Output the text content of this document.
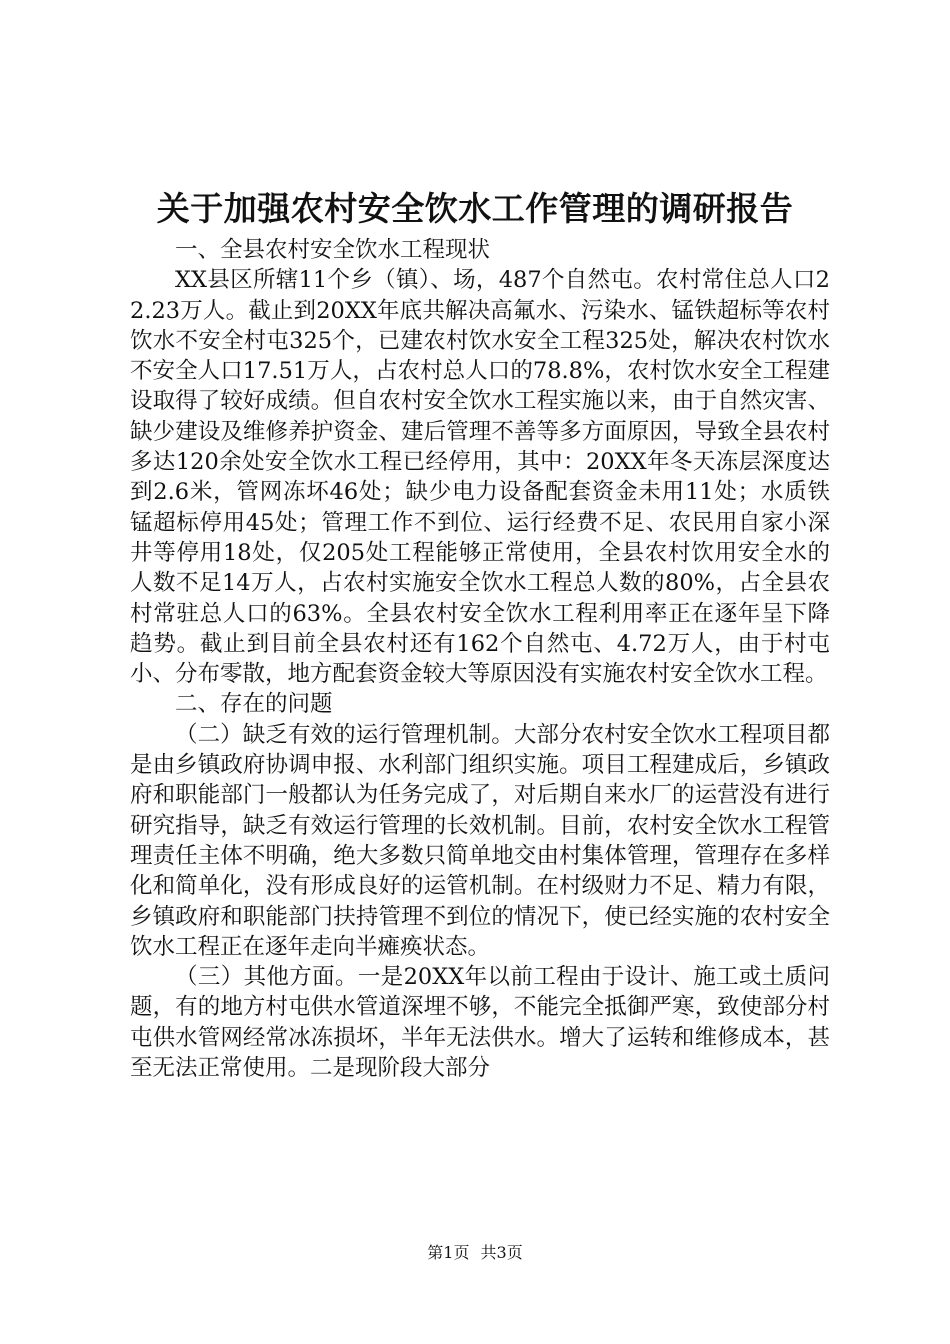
关于加强农村安全饮水工作管理的调研报告

一、全县农村安全饮水工程现状

XX县区所辖11个乡（镇）、场，487个自然屯。农村常住总人口22.23万人。截止到20XX年底共解决高氟水、污染水、锰铁超标等农村饮水不安全村屯325个，已建农村饮水安全工程325处，解决农村饮水不安全人口17.51万人，占农村总人口的78.8%，农村饮水安全工程建设取得了较好成绩。但自农村安全饮水工程实施以来，由于自然灾害、缺少建设及维修养护资金、建后管理不善等多方面原因，导致全县农村多达120余处安全饮水工程已经停用，其中：20XX年冬天冻层深度达到2.6米，管网冻坏46处；缺少电力设备配套资金未用11处；水质铁锰超标停用45处；管理工作不到位、运行经费不足、农民用自家小深井等停用18处，仅205处工程能够正常使用，全县农村饮用安全水的人数不足14万人，占农村实施安全饮水工程总人数的80%，占全县农村常驻总人口的63%。全县农村安全饮水工程利用率正在逐年呈下降趋势。截止到目前全县农村还有162个自然屯、4.72万人，由于村屯小、分布零散，地方配套资金较大等原因没有实施农村安全饮水工程。

二、存在的问题

（二）缺乏有效的运行管理机制。大部分农村安全饮水工程项目都是由乡镇政府协调申报、水利部门组织实施。项目工程建成后，乡镇政府和职能部门一般都认为任务完成了，对后期自来水厂的运营没有进行研究指导，缺乏有效运行管理的长效机制。目前，农村安全饮水工程管理责任主体不明确，绝大多数只简单地交由村集体管理，管理存在多样化和简单化，没有形成良好的运管机制。在村级财力不足、精力有限，乡镇政府和职能部门扶持管理不到位的情况下，使已经实施的农村安全饮水工程正在逐年走向半瘫痪状态。

（三）其他方面。一是20XX年以前工程由于设计、施工或土质问题，有的地方村屯供水管道深埋不够，不能完全抵御严寒，致使部分村屯供水管网经常冰冻损坏，半年无法供水。增大了运转和维修成本，甚至无法正常使用。二是现阶段大部分

第1页 共3页
